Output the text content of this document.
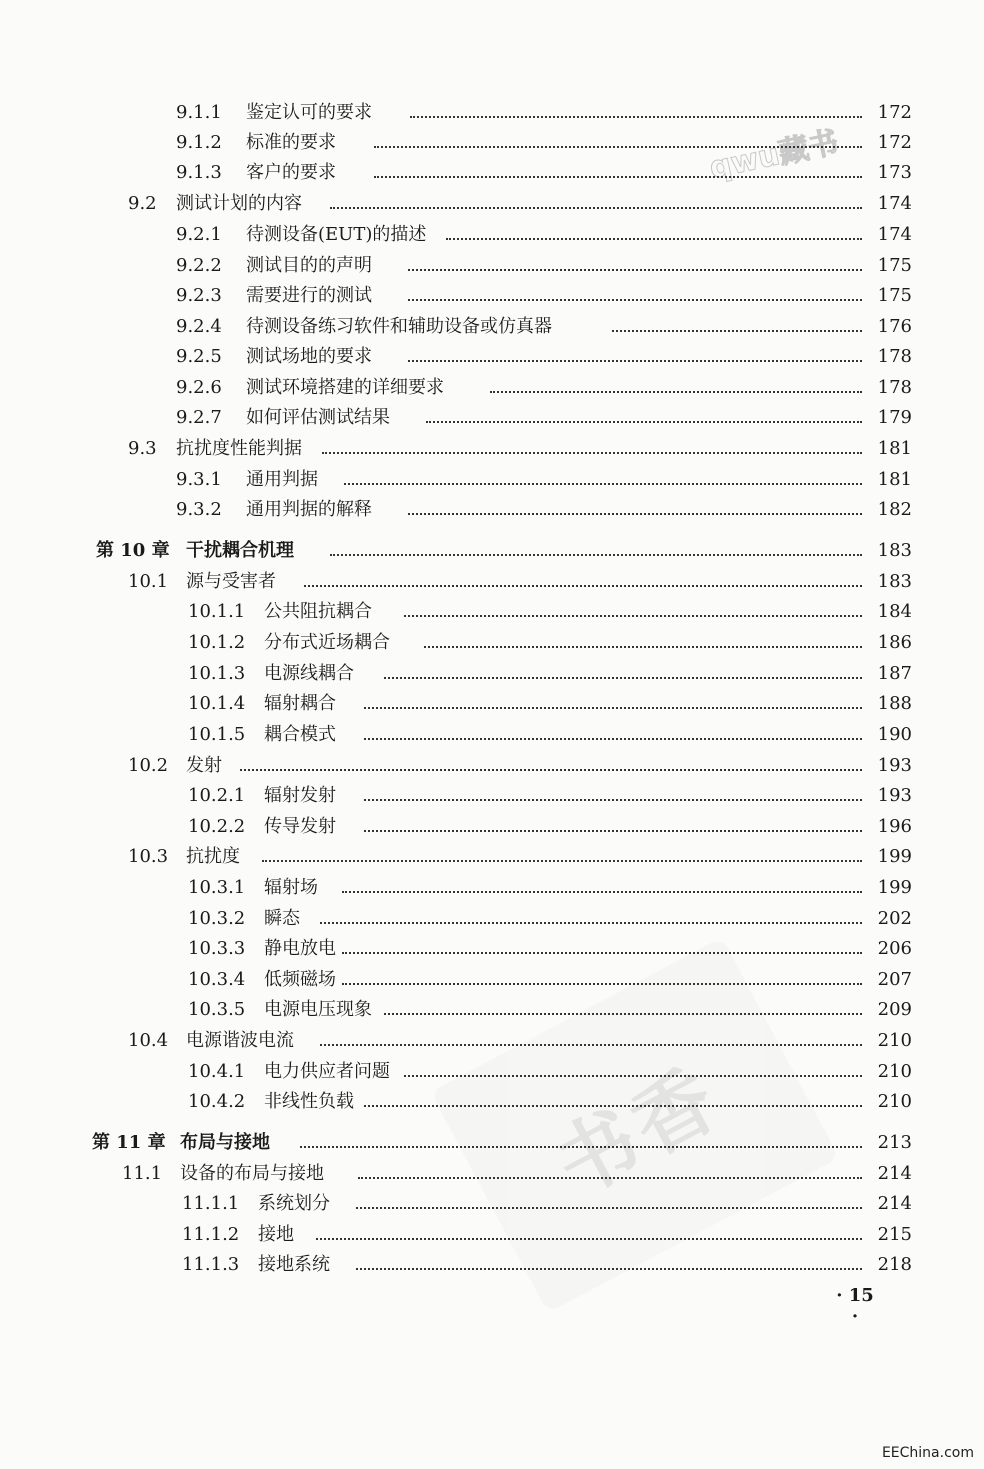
qwu藏书
书香
9.1.1 鉴定认可的要求	172
9.1.2 标准的要求	172
9.1.3 客户的要求	173
9.2 测试计划的内容	174
9.2.1 待测设备(EUT)的描述	174
9.2.2 测试目的的声明	175
9.2.3 需要进行的测试	175
9.2.4 待测设备练习软件和辅助设备或仿真器	176
9.2.5 测试场地的要求	178
9.2.6 测试环境搭建的详细要求	178
9.2.7 如何评估测试结果	179
9.3 抗扰度性能判据	181
9.3.1 通用判据	181
9.3.2 通用判据的解释	182
第 10 章 干扰耦合机理	183
10.1 源与受害者	183
10.1.1 公共阻抗耦合	184
10.1.2 分布式近场耦合	186
10.1.3 电源线耦合	187
10.1.4 辐射耦合	188
10.1.5 耦合模式	190
10.2 发射	193
10.2.1 辐射发射	193
10.2.2 传导发射	196
10.3 抗扰度	199
10.3.1 辐射场	199
10.3.2 瞬态	202
10.3.3 静电放电	206
10.3.4 低频磁场	207
10.3.5 电源电压现象	209
10.4 电源谐波电流	210
10.4.1 电力供应者问题	210
10.4.2 非线性负载	210
第 11 章 布局与接地	213
11.1 设备的布局与接地	214
11.1.1 系统划分	214
11.1.2 接地	215
11.1.3 接地系统	218
· 15 ·
EEChina.com
